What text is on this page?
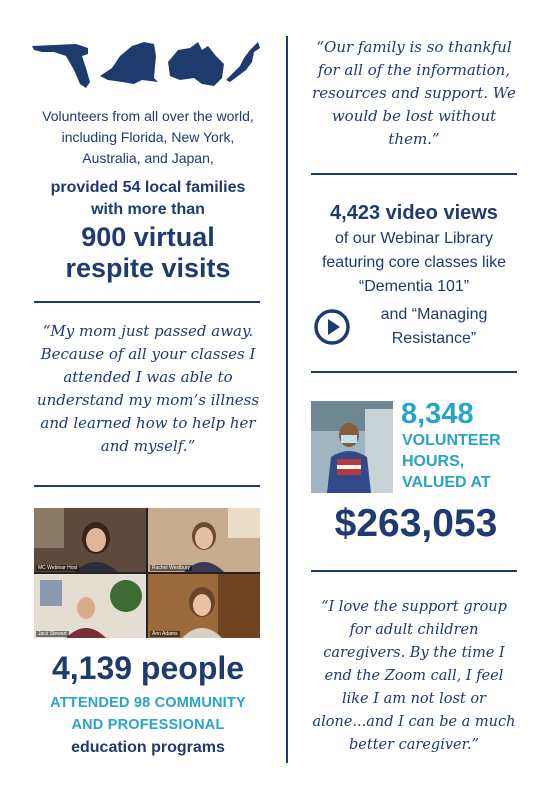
Volunteers from all over the world, including Florida, New York, Australia, and Japan,
provided 54 local families with more than
900 virtual respite visits
“My mom just passed away. Because of all your classes I attended I was able to understand my mom’s illness and learned how to help her and myself.”
MC Webinar Host	Rachel Westbury
Jack Stewart	Ann Adams
4,139 people
ATTENDED 98 COMMUNITY AND PROFESSIONAL
education programs
“Our family is so thankful for all of the information, resources and support. We would be lost without them.”
4,423 video views
of our Webinar Library featuring core classes like “Dementia 101”
and “Managing Resistance”
8,348
VOLUNTEER HOURS, VALUED AT
$263,053
“I love the support group for adult children caregivers. By the time I end the Zoom call, I feel like I am not lost or alone...and I can be a much better caregiver.”
